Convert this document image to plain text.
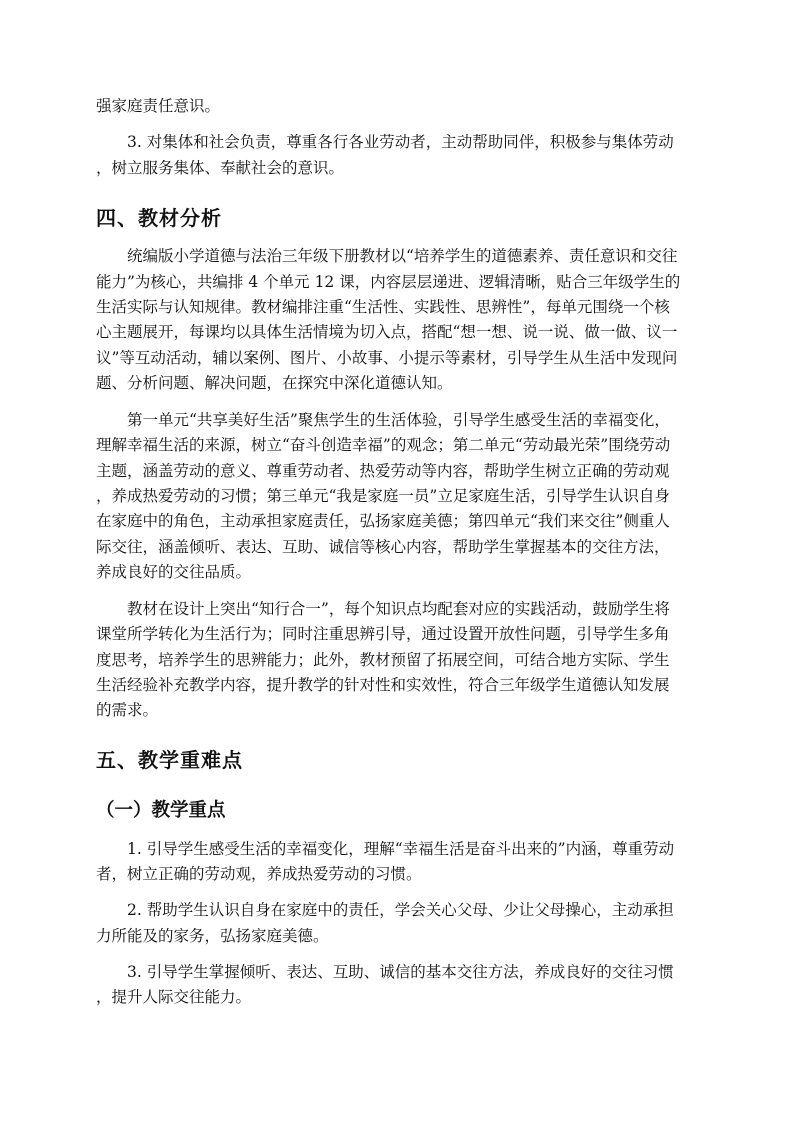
强家庭责任意识。
3. 对集体和社会负责，尊重各行各业劳动者，主动帮助同伴，积极参与集体劳动
，树立服务集体、奉献社会的意识。
四、教材分析
统编版小学道德与法治三年级下册教材以“培养学生的道德素养、责任意识和交往
能力”为核心，共编排 4 个单元 12 课，内容层层递进、逻辑清晰，贴合三年级学生的
生活实际与认知规律。教材编排注重“生活性、实践性、思辨性”，每单元围绕一个核
心主题展开，每课均以具体生活情境为切入点，搭配“想一想、说一说、做一做、议一
议”等互动活动，辅以案例、图片、小故事、小提示等素材，引导学生从生活中发现问
题、分析问题、解决问题，在探究中深化道德认知。
第一单元“共享美好生活”聚焦学生的生活体验，引导学生感受生活的幸福变化，
理解幸福生活的来源，树立“奋斗创造幸福”的观念；第二单元“劳动最光荣”围绕劳动
主题，涵盖劳动的意义、尊重劳动者、热爱劳动等内容，帮助学生树立正确的劳动观
，养成热爱劳动的习惯；第三单元“我是家庭一员”立足家庭生活，引导学生认识自身
在家庭中的角色，主动承担家庭责任，弘扬家庭美德；第四单元“我们来交往”侧重人
际交往，涵盖倾听、表达、互助、诚信等核心内容，帮助学生掌握基本的交往方法，
养成良好的交往品质。
教材在设计上突出“知行合一”，每个知识点均配套对应的实践活动，鼓励学生将
课堂所学转化为生活行为；同时注重思辨引导，通过设置开放性问题，引导学生多角
度思考，培养学生的思辨能力；此外，教材预留了拓展空间，可结合地方实际、学生
生活经验补充教学内容，提升教学的针对性和实效性，符合三年级学生道德认知发展
的需求。
五、教学重难点
（一）教学重点
1. 引导学生感受生活的幸福变化，理解“幸福生活是奋斗出来的”内涵，尊重劳动
者，树立正确的劳动观，养成热爱劳动的习惯。
2. 帮助学生认识自身在家庭中的责任，学会关心父母、少让父母操心，主动承担
力所能及的家务，弘扬家庭美德。
3. 引导学生掌握倾听、表达、互助、诚信的基本交往方法，养成良好的交往习惯
，提升人际交往能力。
